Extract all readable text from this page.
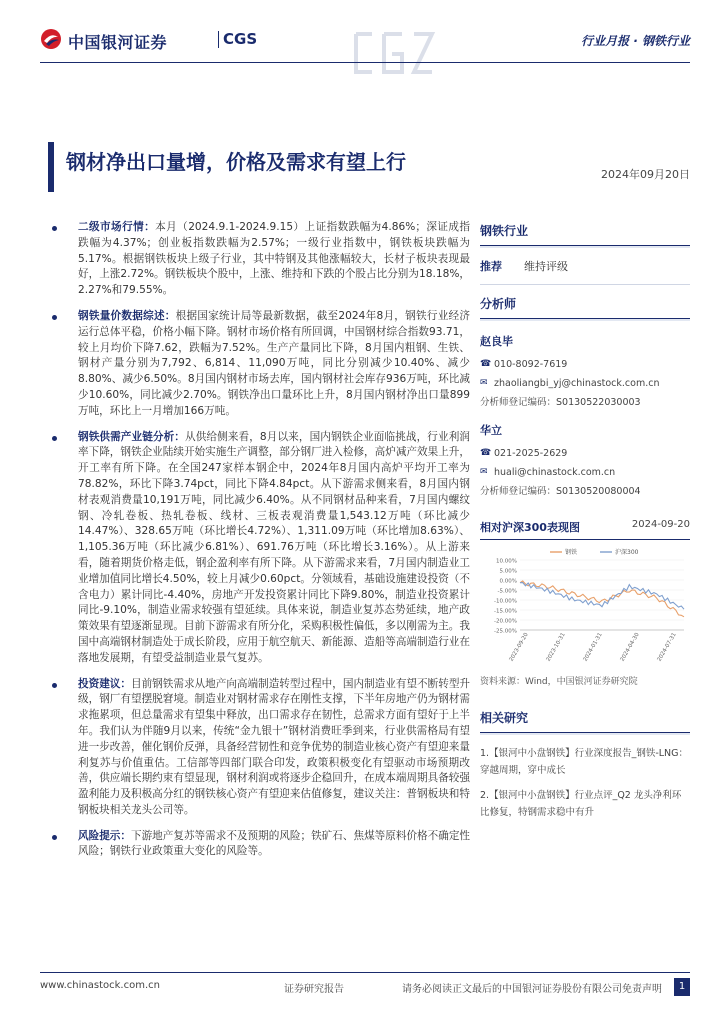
中国银河证券	CGS	行业月报 · 钢铁行业
钢材净出口量增，价格及需求有望上行
2024年09月20日
二级市场行情：本月（2024.9.1-2024.9.15）上证指数跌幅为4.86%；深证成指跌幅为4.37%；创业板指数跌幅为2.57%；一级行业指数中，钢铁板块跌幅为5.17%。根据钢铁板块上级子行业，其中特钢及其他涨幅较大，长材子板块表现最好，上涨2.72%。钢铁板块个股中，上涨、维持和下跌的个股占比分别为18.18%，2.27%和79.55%。
钢铁量价数据综述：根据国家统计局等最新数据，截至2024年8月，钢铁行业经济运行总体平稳，价格小幅下降。钢材市场价格有所回调，中国钢材综合指数93.71，较上月均价下降7.62，跌幅为7.52%。生产产量同比下降，8月国内粗钢、生铁、钢材产量分别为7,792、6,814、11,090万吨，同比分别减少10.40%、减少8.80%、减少6.50%。8月国内钢材市场去库，国内钢材社会库存936万吨，环比减少10.60%，同比减少2.70%。钢铁净出口量环比上升，8月国内钢材净出口量899万吨，环比上一月增加166万吨。
钢铁供需产业链分析：从供给侧来看，8月以来，国内钢铁企业面临挑战，行业利润率下降，钢铁企业陆续开始实施生产调整，部分钢厂进入检修，高炉减产效果上升，开工率有所下降。在全国247家样本钢企中，2024年8月国内高炉平均开工率为78.82%，环比下降3.74pct，同比下降4.84pct。从下游需求侧来看，8月国内钢材表观消费量10,191万吨，同比减少6.40%。从不同钢材品种来看，7月国内螺纹钢、冷轧卷板、热轧卷板、线材、三板表观消费量1,543.12万吨（环比减少14.47%）、328.65万吨（环比增长4.72%）、1,311.09万吨（环比增加8.63%）、1,105.36万吨（环比减少6.81%）、691.76万吨（环比增长3.16%）。从上游来看，随着期货价格走低，钢企盈利率有所下降。从下游需求来看，7月国内制造业工业增加值同比增长4.50%，较上月减少0.60pct。分领域看，基础设施建设投资（不含电力）累计同比-4.40%，房地产开发投资累计同比下降9.80%，制造业投资累计同比-9.10%，制造业需求较强有望延续。具体来说，制造业复苏态势延续，地产政策效果有望逐渐显现。目前下游需求有所分化，采购积极性偏低，多以刚需为主。我国中高端钢材制造处于成长阶段，应用于航空航天、新能源、造船等高端制造行业在落地发展期，有望受益制造业景气复苏。
投资建议：目前钢铁需求从地产向高端制造转型过程中，国内制造业有望不断转型升级，钢厂有望摆脱窘境。制造业对钢材需求存在刚性支撑，下半年房地产仍为钢材需求拖累项，但总量需求有望集中释放，出口需求存在韧性，总需求方面有望好于上半年。我们认为伴随9月以来，传统“金九银十”钢材消费旺季到来，行业供需格局有望进一步改善，催化钢价反弹，具备经营韧性和竞争优势的制造业核心资产有望迎来量利复苏与价值重估。工信部等四部门联合印发，政策积极变化有望驱动市场预期改善，供应端长期约束有望显现，钢材利润或将逐步企稳回升，在成本端周期具备较强盈利能力及积极高分红的钢铁核心资产有望迎来估值修复，建议关注：普钢板块和特钢板块相关龙头公司等。
风险提示：下游地产复苏等需求不及预期的风险；铁矿石、焦煤等原料价格不确定性风险；钢铁行业政策重大变化的风险等。
钢铁行业
推荐 维持评级
分析师
赵良毕
☎ 010-8092-7619
✉ zhaoliangbi_yj@chinastock.com.cn
分析师登记编码：S0130522030003
华立
☎ 021-2025-2629
✉ huali@chinastock.com.cn
分析师登记编码：S0130520080004
相对沪深300表现图	2024-09-20
10.00%
5.00%
0.00%
-5.00%
-10.00%
-15.00%
-20.00%
-25.00%
2023-09-20	2023-10-31	2024-01-31	2024-04-30	2024-07-31
钢铁	沪深300
资料来源：Wind，中国银河证券研究院
相关研究
1.【银河中小盘钢铁】行业深度报告_钢铁-LNG：穿越周期，穿中成长
2.【银河中小盘钢铁】行业点评_Q2 龙头净利环比修复，特钢需求稳中有升
www.chinastock.com.cn	证券研究报告	请务必阅读正文最后的中国银河证券股份有限公司免责声明	1
